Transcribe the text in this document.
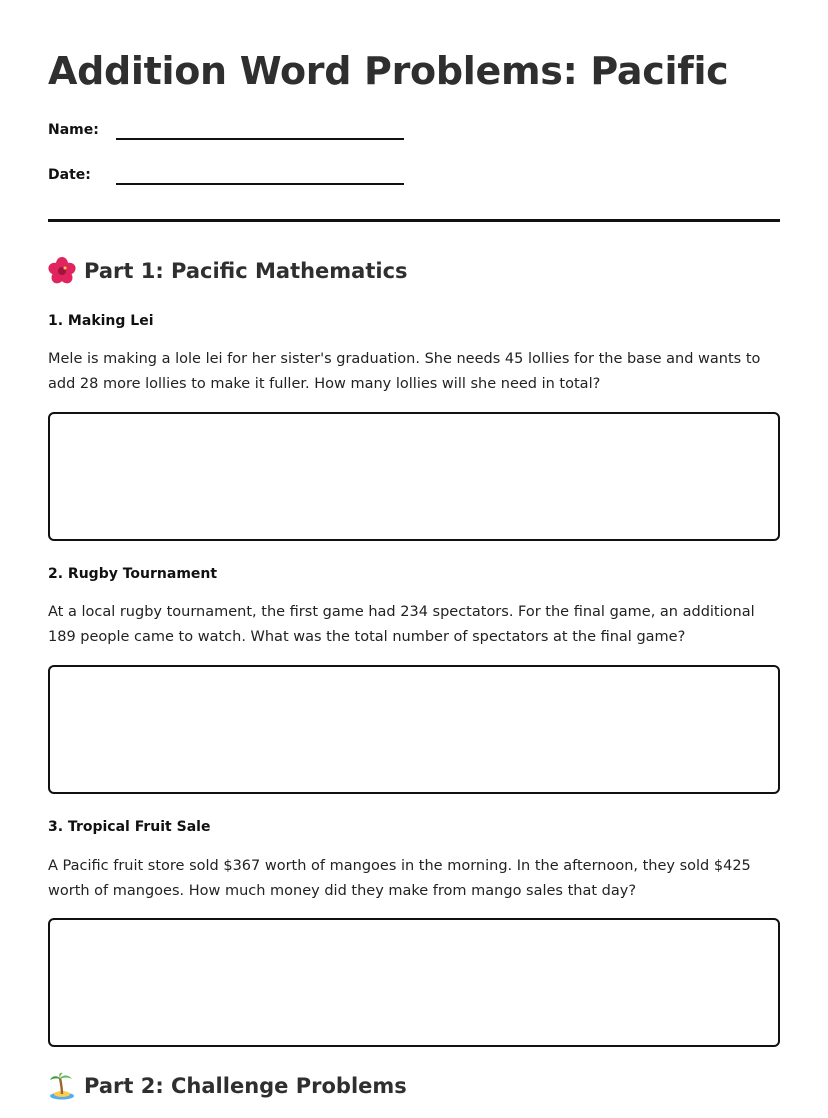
Addition Word Problems: Pacific
Name:
Date:
Part 1: Pacific Mathematics
1. Making Lei

Mele is making a lole lei for her sister's graduation. She needs 45 lollies for the base and wants to add 28 more lollies to make it fuller. How many lollies will she need in total?

2. Rugby Tournament

At a local rugby tournament, the first game had 234 spectators. For the final game, an additional 189 people came to watch. What was the total number of spectators at the final game?

3. Tropical Fruit Sale

A Pacific fruit store sold $367 worth of mangoes in the morning. In the afternoon, they sold $425 worth of mangoes. How much money did they make from mango sales that day?

Part 2: Challenge Problems
